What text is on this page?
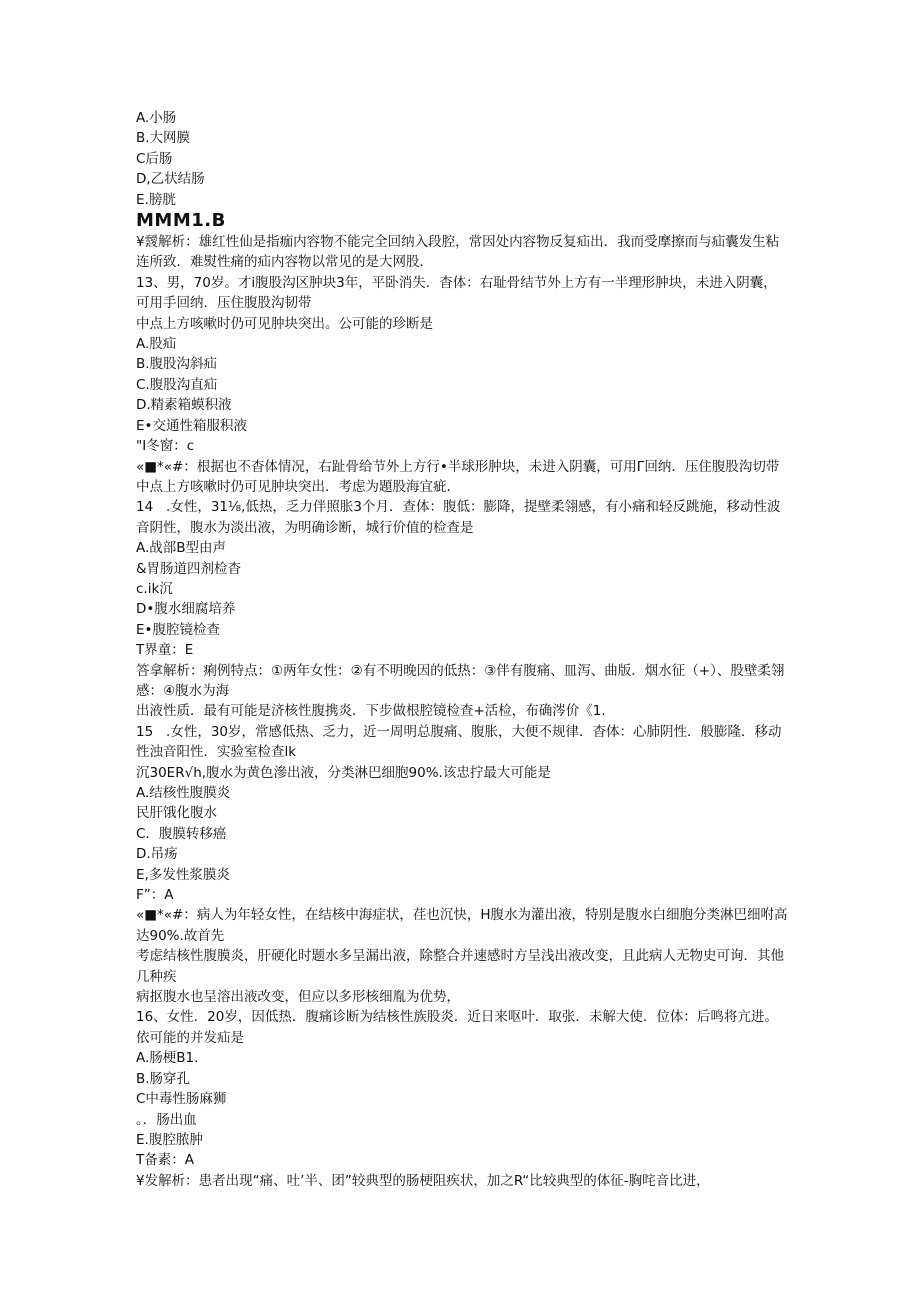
A.小肠
B.大网膜
C后肠
D,乙状结肠
E.膀胱
MMM1.B
¥靉解析：雄红性仙是指痂内容物不能完全回纳入段腔，常因处内容物反复疝出．我而受摩擦而与疝囊发生粘连所致．难熨性痛的疝内容物以常见的是大网股．
13、男，70岁。才i腹股沟区肿块3年，平卧消失．杳体：右耻骨结节外上方有一半理形肿块，未进入阴囊，可用手回纳．压住腹股沟韧带
中点上方咳嗽时仍可见肿块突出。公可能的珍断是
A.股疝
B.腹股沟斜疝
C.腹股沟直疝
D.精素箱蟆积液
E•交通性箱服积液
"I冬窗：c
«■*«#：根据也不杳体情况，右趾骨给节外上方行•半球形肿块，未进入阴囊，可用Γ回纳．压住腹股沟切带中点上方咳嗽时仍可见肿块突出．考虑为題股海宜疵．
14   .女性，31⅛,低热，乏力伴照胀3个月．查体：腹低：膨降，提壁柔翎感，有小痛和轻反跳施，移动性波音阴性，腹水为淡出液，为明确诊断，城行价值的检查是
A.战部B型由声
&胃肠道四剂检杳
c.ik沉
D•腹水细腐培养
E•腹腔镜检查
T界童：E
答拿解析：痢例特点：①两年女性：②有不明晚因的低热：③伴有腹痛、皿泻、曲版．烟水征（+）、股壁柔翎感：④腹水为海
出液性质．最有可能是济核性腹携炎．下步做根腔镜检查+活检，布确涔价《1.
15   .女性，30岁，常感低热、乏力，近一周明总腹痛、腹胀，大便不规律．杳体：心肺阴性．般膨隆．移动性浊音阳性．实验室检查lk
沉30ER√h,腹水为黄色滲出液，分类淋巴细胞90%.该忠拧最大可能是
A.结核性腹膜炎
民肝饿化腹水
C．腹膜转移癌
D.吊疡
E,多发性浆膜炎
F”：A
«■*«#：病人为年轻女性，在结核中海症状，荏也沉快，H腹水为灌出液，特别是腹水白细胞分类淋巴细咐高达90%.故首先
考虑结核性腹膜炎，肝硬化时题水多呈漏出液，除整合并速感时方呈浅出液改变，且此病人无物史可询．其他几种疾
病抠腹水也呈溶出液改变，但应以多形核细胤为优势，
16、女性．20岁，因低热．腹痛诊断为结核性族股炎．近日来呕叶．取张．未解大使．位体：后鸣将亢进。依可能的并发疝是
A.肠梗B1.
B.肠穿孔
C中毒性肠麻狮
。．肠出血
E.腹腔脓肿
T备素：A
¥发解析：患者出现“痛、吐’半、团”较典型的肠梗阻疾状，加之R“比较典型的体征-胸咤音比进，
